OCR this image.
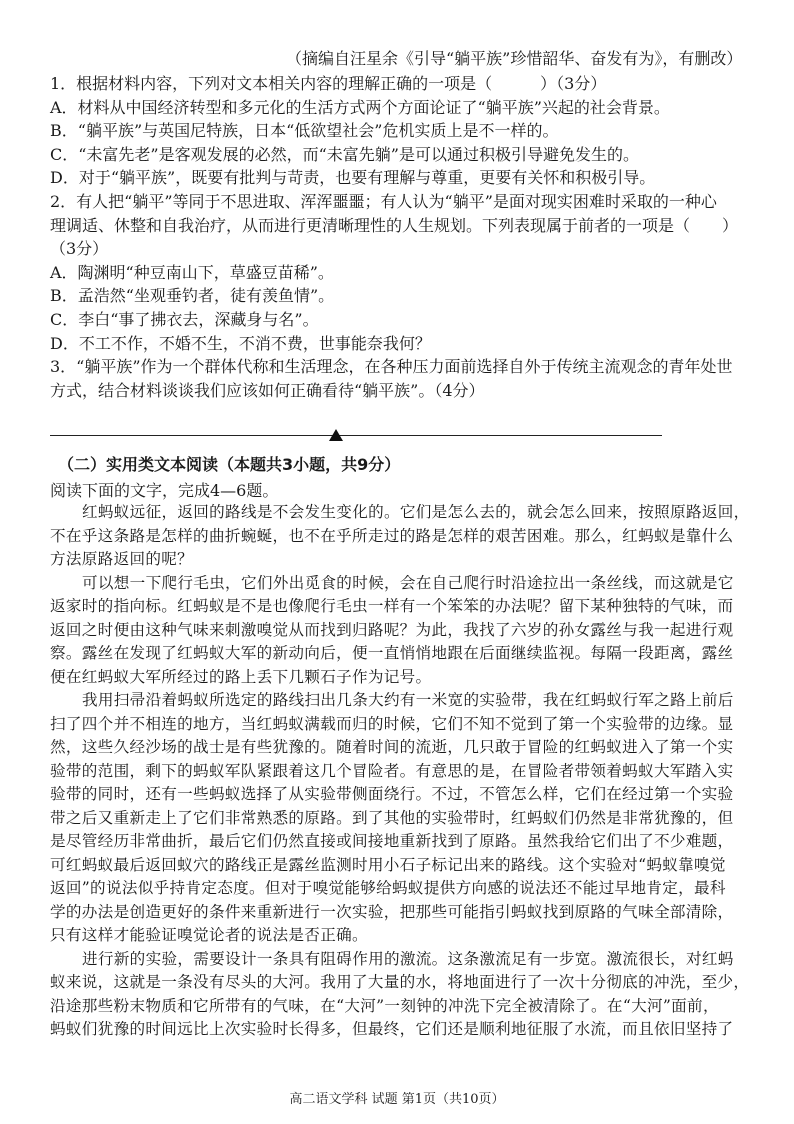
（摘编自汪星余《引导“躺平族”珍惜韶华、奋发有为》，有删改）
1．根据材料内容，下列对文本相关内容的理解正确的一项是（　　　）（3分）
A．材料从中国经济转型和多元化的生活方式两个方面论证了“躺平族”兴起的社会背景。
B．“躺平族”与英国尼特族，日本“低欲望社会”危机实质上是不一样的。
C．“未富先老”是客观发展的必然，而“未富先躺”是可以通过积极引导避免发生的。
D．对于“躺平族”，既要有批判与苛责，也要有理解与尊重，更要有关怀和积极引导。
2．有人把“躺平”等同于不思进取、浑浑噩噩；有人认为“躺平”是面对现实困难时采取的一种心
理调适、休整和自我治疗，从而进行更清晰理性的人生规划。下列表现属于前者的一项是（　　）
（3分）
A．陶渊明“种豆南山下，草盛豆苗稀”。
B．孟浩然“坐观垂钓者，徒有羡鱼情”。
C．李白“事了拂衣去，深藏身与名”。
D．不工不作，不婚不生，不消不费，世事能奈我何？
3．“躺平族”作为一个群体代称和生活理念，在各种压力面前选择自外于传统主流观念的青年处世
方式，结合材料谈谈我们应该如何正确看待“躺平族”。（4分）
（二）实用类文本阅读（本题共3小题，共9分）
阅读下面的文字，完成4—6题。
红蚂蚁远征，返回的路线是不会发生变化的。它们是怎么去的，就会怎么回来，按照原路返回，
不在乎这条路是怎样的曲折蜿蜒，也不在乎所走过的路是怎样的艰苦困难。那么，红蚂蚁是靠什么
方法原路返回的呢？
可以想一下爬行毛虫，它们外出觅食的时候，会在自己爬行时沿途拉出一条丝线，而这就是它
返家时的指向标。红蚂蚁是不是也像爬行毛虫一样有一个笨笨的办法呢？留下某种独特的气味，而
返回之时便由这种气味来刺激嗅觉从而找到归路呢？为此，我找了六岁的孙女露丝与我一起进行观
察。露丝在发现了红蚂蚁大军的新动向后，便一直悄悄地跟在后面继续监视。每隔一段距离，露丝
便在红蚂蚁大军所经过的路上丢下几颗石子作为记号。
我用扫帚沿着蚂蚁所选定的路线扫出几条大约有一米宽的实验带，我在红蚂蚁行军之路上前后
扫了四个并不相连的地方，当红蚂蚁满载而归的时候，它们不知不觉到了第一个实验带的边缘。显
然，这些久经沙场的战士是有些犹豫的。随着时间的流逝，几只敢于冒险的红蚂蚁进入了第一个实
验带的范围，剩下的蚂蚁军队紧跟着这几个冒险者。有意思的是，在冒险者带领着蚂蚁大军踏入实
验带的同时，还有一些蚂蚁选择了从实验带侧面绕行。不过，不管怎么样，它们在经过第一个实验
带之后又重新走上了它们非常熟悉的原路。到了其他的实验带时，红蚂蚁们仍然是非常犹豫的，但
是尽管经历非常曲折，最后它们仍然直接或间接地重新找到了原路。虽然我给它们出了不少难题，
可红蚂蚁最后返回蚁穴的路线正是露丝监测时用小石子标记出来的路线。这个实验对“蚂蚁靠嗅觉
返回”的说法似乎持肯定态度。但对于嗅觉能够给蚂蚁提供方向感的说法还不能过早地肯定，最科
学的办法是创造更好的条件来重新进行一次实验，把那些可能指引蚂蚁找到原路的气味全部清除，
只有这样才能验证嗅觉论者的说法是否正确。
进行新的实验，需要设计一条具有阻碍作用的激流。这条激流足有一步宽。激流很长，对红蚂
蚁来说，这就是一条没有尽头的大河。我用了大量的水，将地面进行了一次十分彻底的冲洗，至少，
沿途那些粉末物质和它所带有的气味，在“大河”一刻钟的冲洗下完全被清除了。在“大河”面前，
蚂蚁们犹豫的时间远比上次实验时长得多，但最终，它们还是顺利地征服了水流，而且依旧坚持了
高二语文学科 试题 第1页（共10页）
